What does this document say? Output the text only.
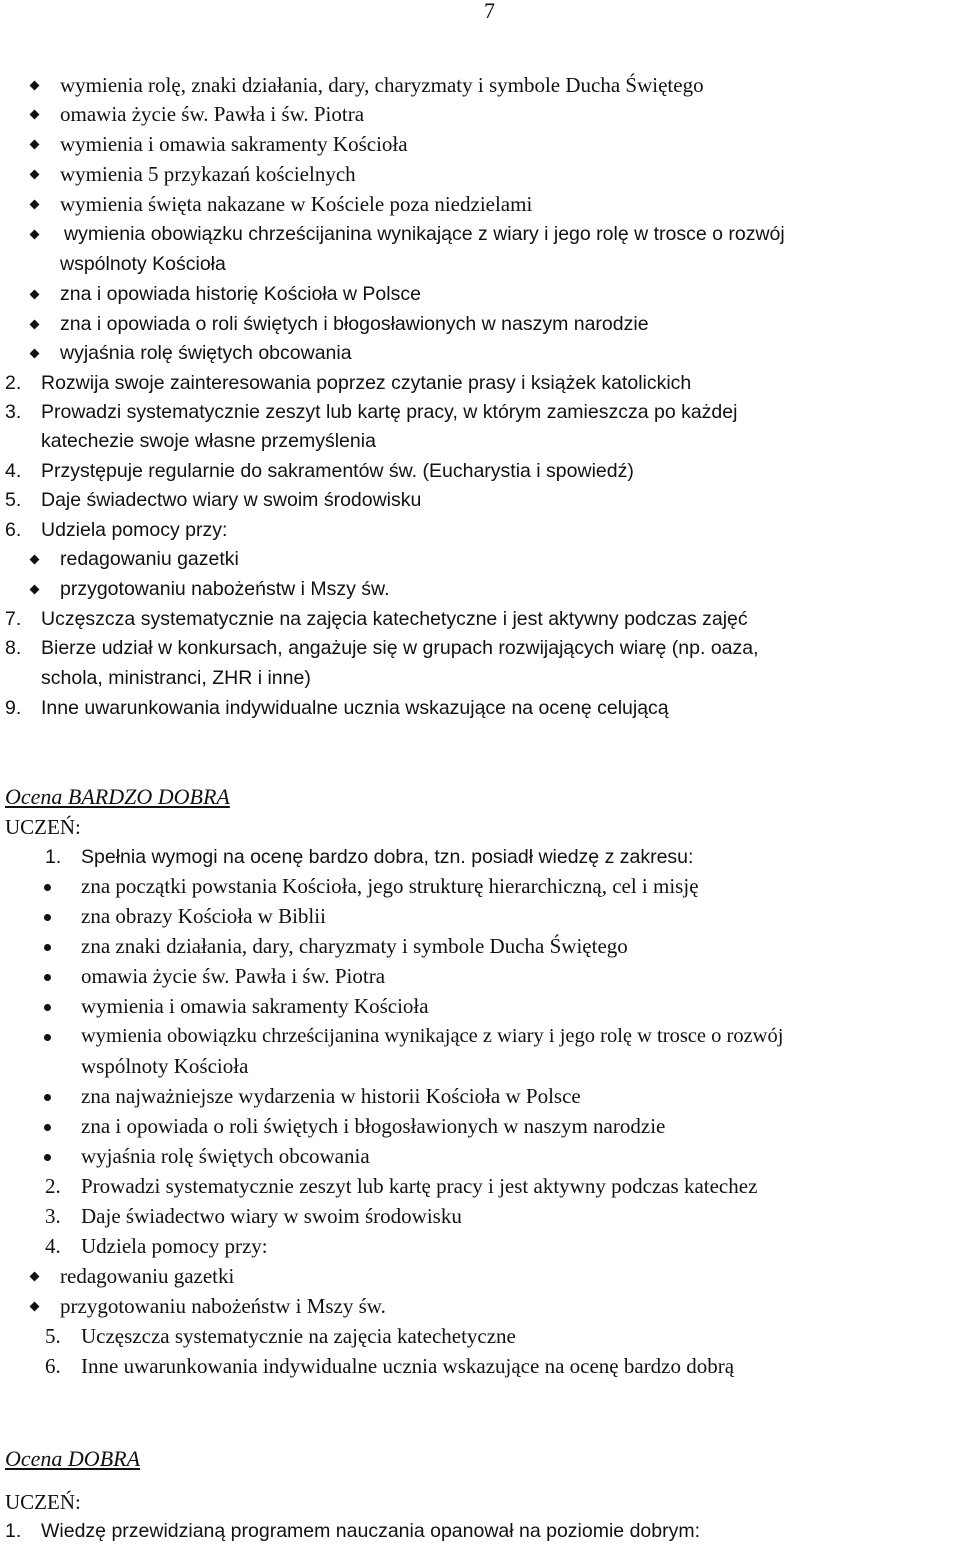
7
wymienia rolę, znaki działania, dary, charyzmaty i symbole Ducha Świętego
omawia życie św. Pawła i św. Piotra
wymienia i omawia sakramenty Kościoła
wymienia 5 przykazań kościelnych
wymienia święta nakazane w Kościele poza niedzielami
wymienia obowiązku chrześcijanina wynikające z wiary i jego rolę w trosce o rozwój
wspólnoty Kościoła
zna i opowiada historię Kościoła w Polsce
zna i opowiada o roli świętych i błogosławionych w naszym narodzie
wyjaśnia rolę świętych obcowania
2. Rozwija swoje zainteresowania poprzez czytanie prasy i książek katolickich
3. Prowadzi systematycznie zeszyt lub kartę pracy, w którym zamieszcza po każdej
katechezie swoje własne przemyślenia
4. Przystępuje regularnie do sakramentów św. (Eucharystia i spowiedź)
5. Daje świadectwo wiary w swoim środowisku
6. Udziela pomocy przy:
redagowaniu gazetki
przygotowaniu nabożeństw i Mszy św.
7. Uczęszcza systematycznie na zajęcia katechetyczne i jest aktywny podczas zajęć
8. Bierze udział w konkursach, angażuje się w grupach rozwijających wiarę (np. oaza,
schola, ministranci, ZHR i inne)
9. Inne uwarunkowania indywidualne ucznia wskazujące na ocenę celującą
Ocena BARDZO DOBRA
UCZEŃ:
1. Spełnia wymogi na ocenę bardzo dobra, tzn. posiadł wiedzę z zakresu:
zna początki powstania Kościoła, jego strukturę hierarchiczną, cel i misję
zna obrazy Kościoła w Biblii
zna znaki działania, dary, charyzmaty i symbole Ducha Świętego
omawia życie św. Pawła i św. Piotra
wymienia i omawia sakramenty Kościoła
wymienia obowiązku chrześcijanina wynikające z wiary i jego rolę w trosce o rozwój
wspólnoty Kościoła
zna najważniejsze wydarzenia w historii Kościoła w Polsce
zna i opowiada o roli świętych i błogosławionych w naszym narodzie
wyjaśnia rolę świętych obcowania
2. Prowadzi systematycznie zeszyt lub kartę pracy i jest aktywny podczas katechez
3. Daje świadectwo wiary w swoim środowisku
4. Udziela pomocy przy:
redagowaniu gazetki
przygotowaniu nabożeństw i Mszy św.
5. Uczęszcza systematycznie na zajęcia katechetyczne
6. Inne uwarunkowania indywidualne ucznia wskazujące na ocenę bardzo dobrą
Ocena DOBRA
UCZEŃ:
1. Wiedzę przewidzianą programem nauczania opanował na poziomie dobrym:
